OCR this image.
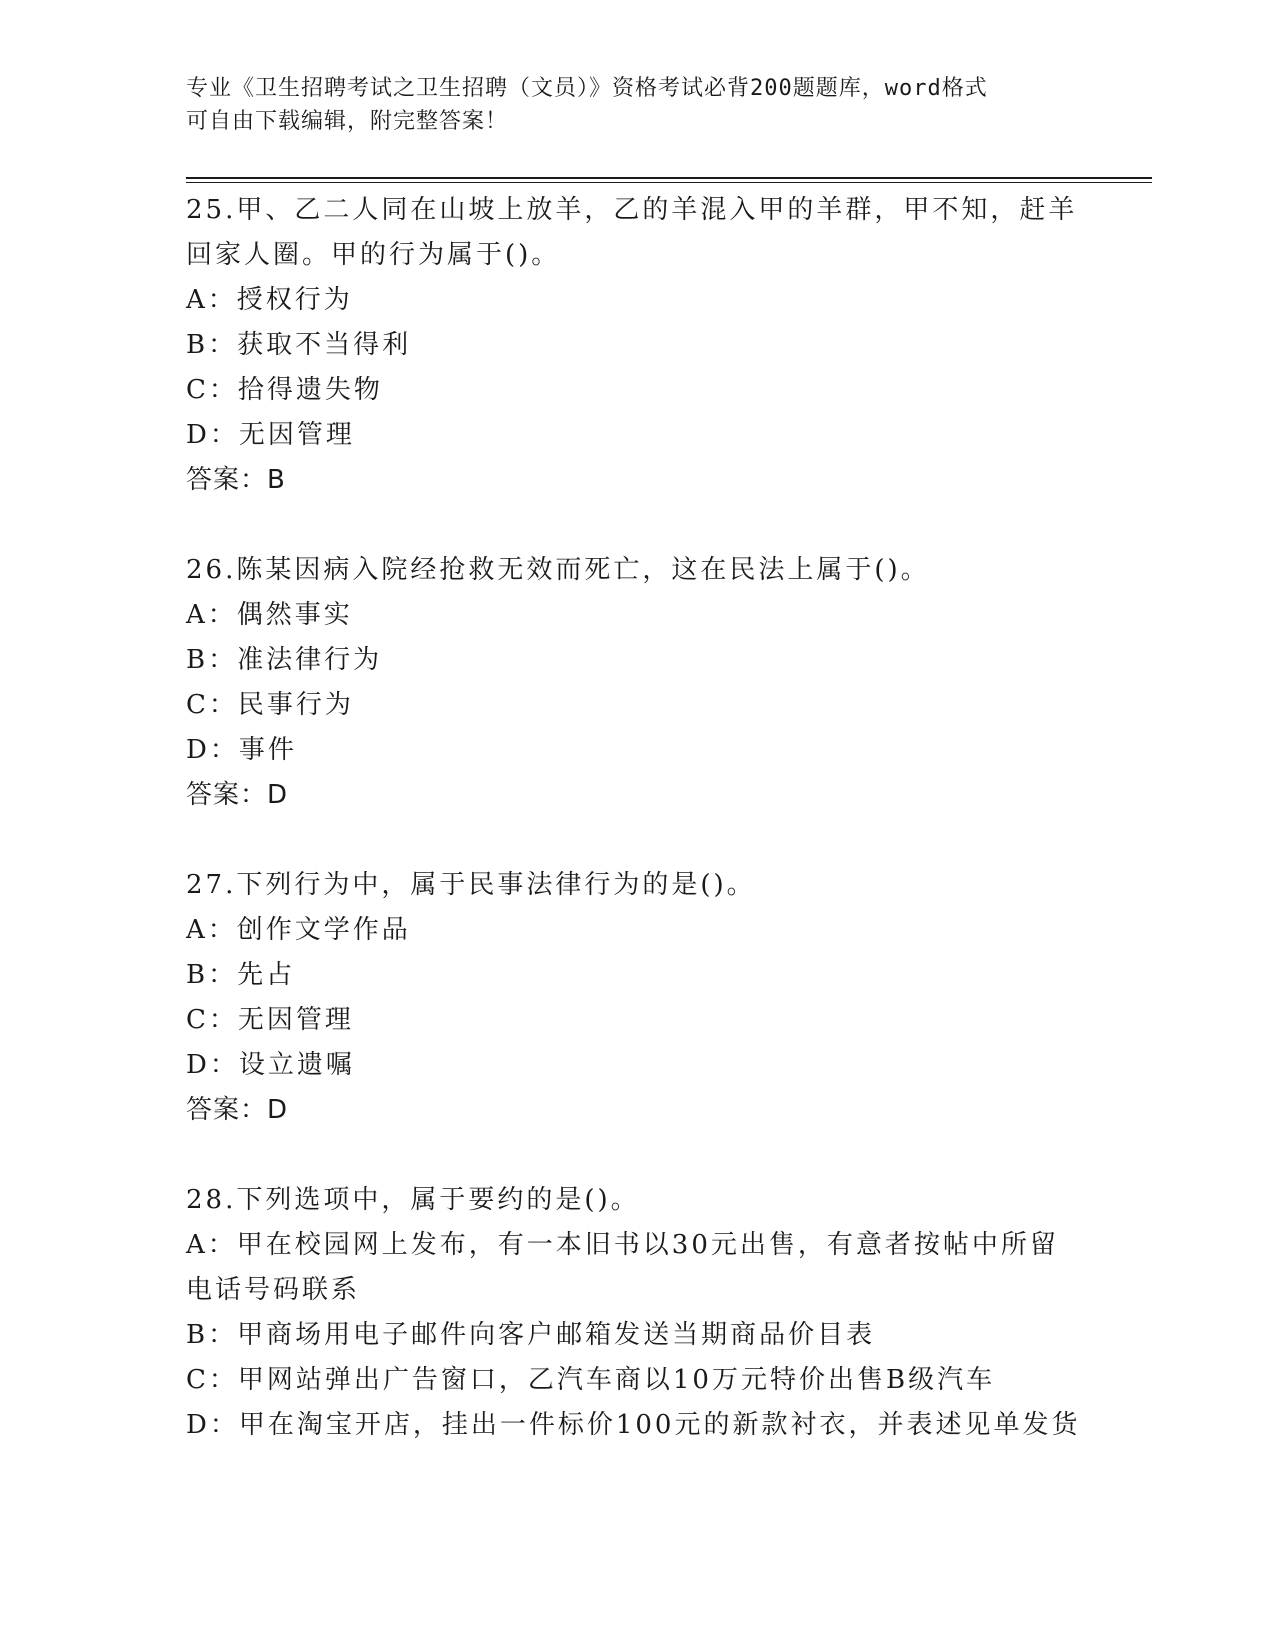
专业《卫生招聘考试之卫生招聘（文员）》资格考试必背200题题库，word格式

可自由下载编辑，附完整答案！

25.甲、乙二人同在山坡上放羊，乙的羊混入甲的羊群，甲不知，赶羊回家人圈。甲的行为属于()。

A：授权行为

B：获取不当得利

C：拾得遗失物

D：无因管理

答案：B

26.陈某因病入院经抢救无效而死亡，这在民法上属于()。

A：偶然事实

B：准法律行为

C：民事行为

D：事件

答案：D

27.下列行为中，属于民事法律行为的是()。

A：创作文学作品

B：先占

C：无因管理

D：设立遗嘱

答案：D

28.下列选项中，属于要约的是()。

A：甲在校园网上发布，有一本旧书以30元出售，有意者按帖中所留电话号码联系

B：甲商场用电子邮件向客户邮箱发送当期商品价目表

C：甲网站弹出广告窗口，乙汽车商以10万元特价出售B级汽车

D：甲在淘宝开店，挂出一件标价100元的新款衬衣，并表述见单发货
